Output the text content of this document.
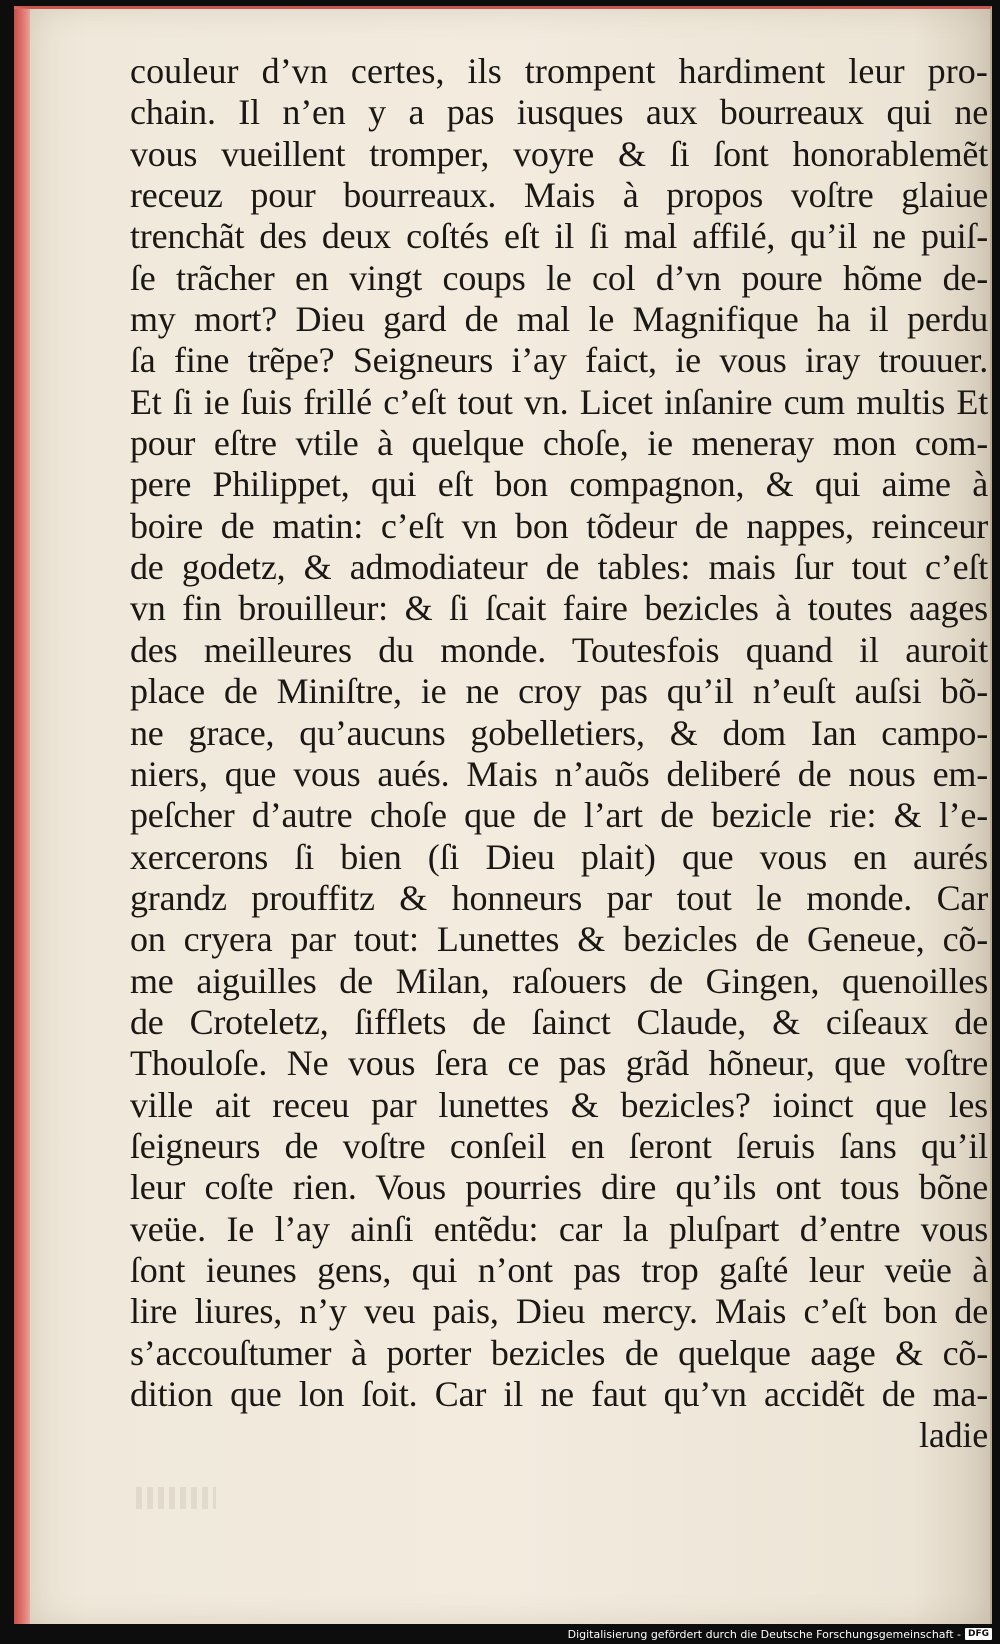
couleur d’vn certes, ils trompent hardiment leur pro-
chain. Il n’en y a pas iusques aux bourreaux qui ne
vous vueillent tromper, voyre & ſi ſont honorablemẽt
receuz pour bourreaux. Mais à propos voſtre glaiue
trenchãt des deux coſtés eſt il ſi mal affilé, qu’il ne puiſ-
ſe trãcher en vingt coups le col d’vn poure hõme de-
my mort? Dieu gard de mal le Magnifique ha il perdu
ſa fine trẽpe? Seigneurs i’ay faict, ie vous iray trouuer.
Et ſi ie ſuis frillé c’eſt tout vn. Licet inſanire cum multis Et
pour eſtre vtile à quelque choſe, ie meneray mon com-
pere Philippet, qui eſt bon compagnon, & qui aime à
boire de matin: c’eſt vn bon tõdeur de nappes, reinceur
de godetz, & admodiateur de tables: mais ſur tout c’eſt
vn fin brouilleur: & ſi ſcait faire bezicles à toutes aages
des meilleures du monde. Toutesfois quand il auroit
place de Miniſtre, ie ne croy pas qu’il n’euſt auſsi bõ-
ne grace, qu’aucuns gobelletiers, & dom Ian campo-
niers, que vous aués. Mais n’auõs deliberé de nous em-
peſcher d’autre choſe que de l’art de bezicle rie: & l’e-
xercerons ſi bien (ſi Dieu plait) que vous en aurés
grandz prouffitz & honneurs par tout le monde. Car
on cryera par tout: Lunettes & bezicles de Geneue, cõ-
me aiguilles de Milan, raſouers de Gingen, quenoilles
de Croteletz, ſifflets de ſainct Claude, & ciſeaux de
Thouloſe. Ne vous ſera ce pas grãd hõneur, que voſtre
ville ait receu par lunettes & bezicles? ioinct que les
ſeigneurs de voſtre conſeil en ſeront ſeruis ſans qu’il
leur coſte rien. Vous pourries dire qu’ils ont tous bõne
veüe. Ie l’ay ainſi entẽdu: car la pluſpart d’entre vous
ſont ieunes gens, qui n’ont pas trop gaſté leur veüe à
lire liures, n’y veu pais, Dieu mercy. Mais c’eſt bon de
s’accouſtumer à porter bezicles de quelque aage & cõ-
dition que lon ſoit. Car il ne faut qu’vn accidẽt de ma-
ladie
Digitalisierung gefördert durch die Deutsche Forschungsgemeinschaft - DFG
